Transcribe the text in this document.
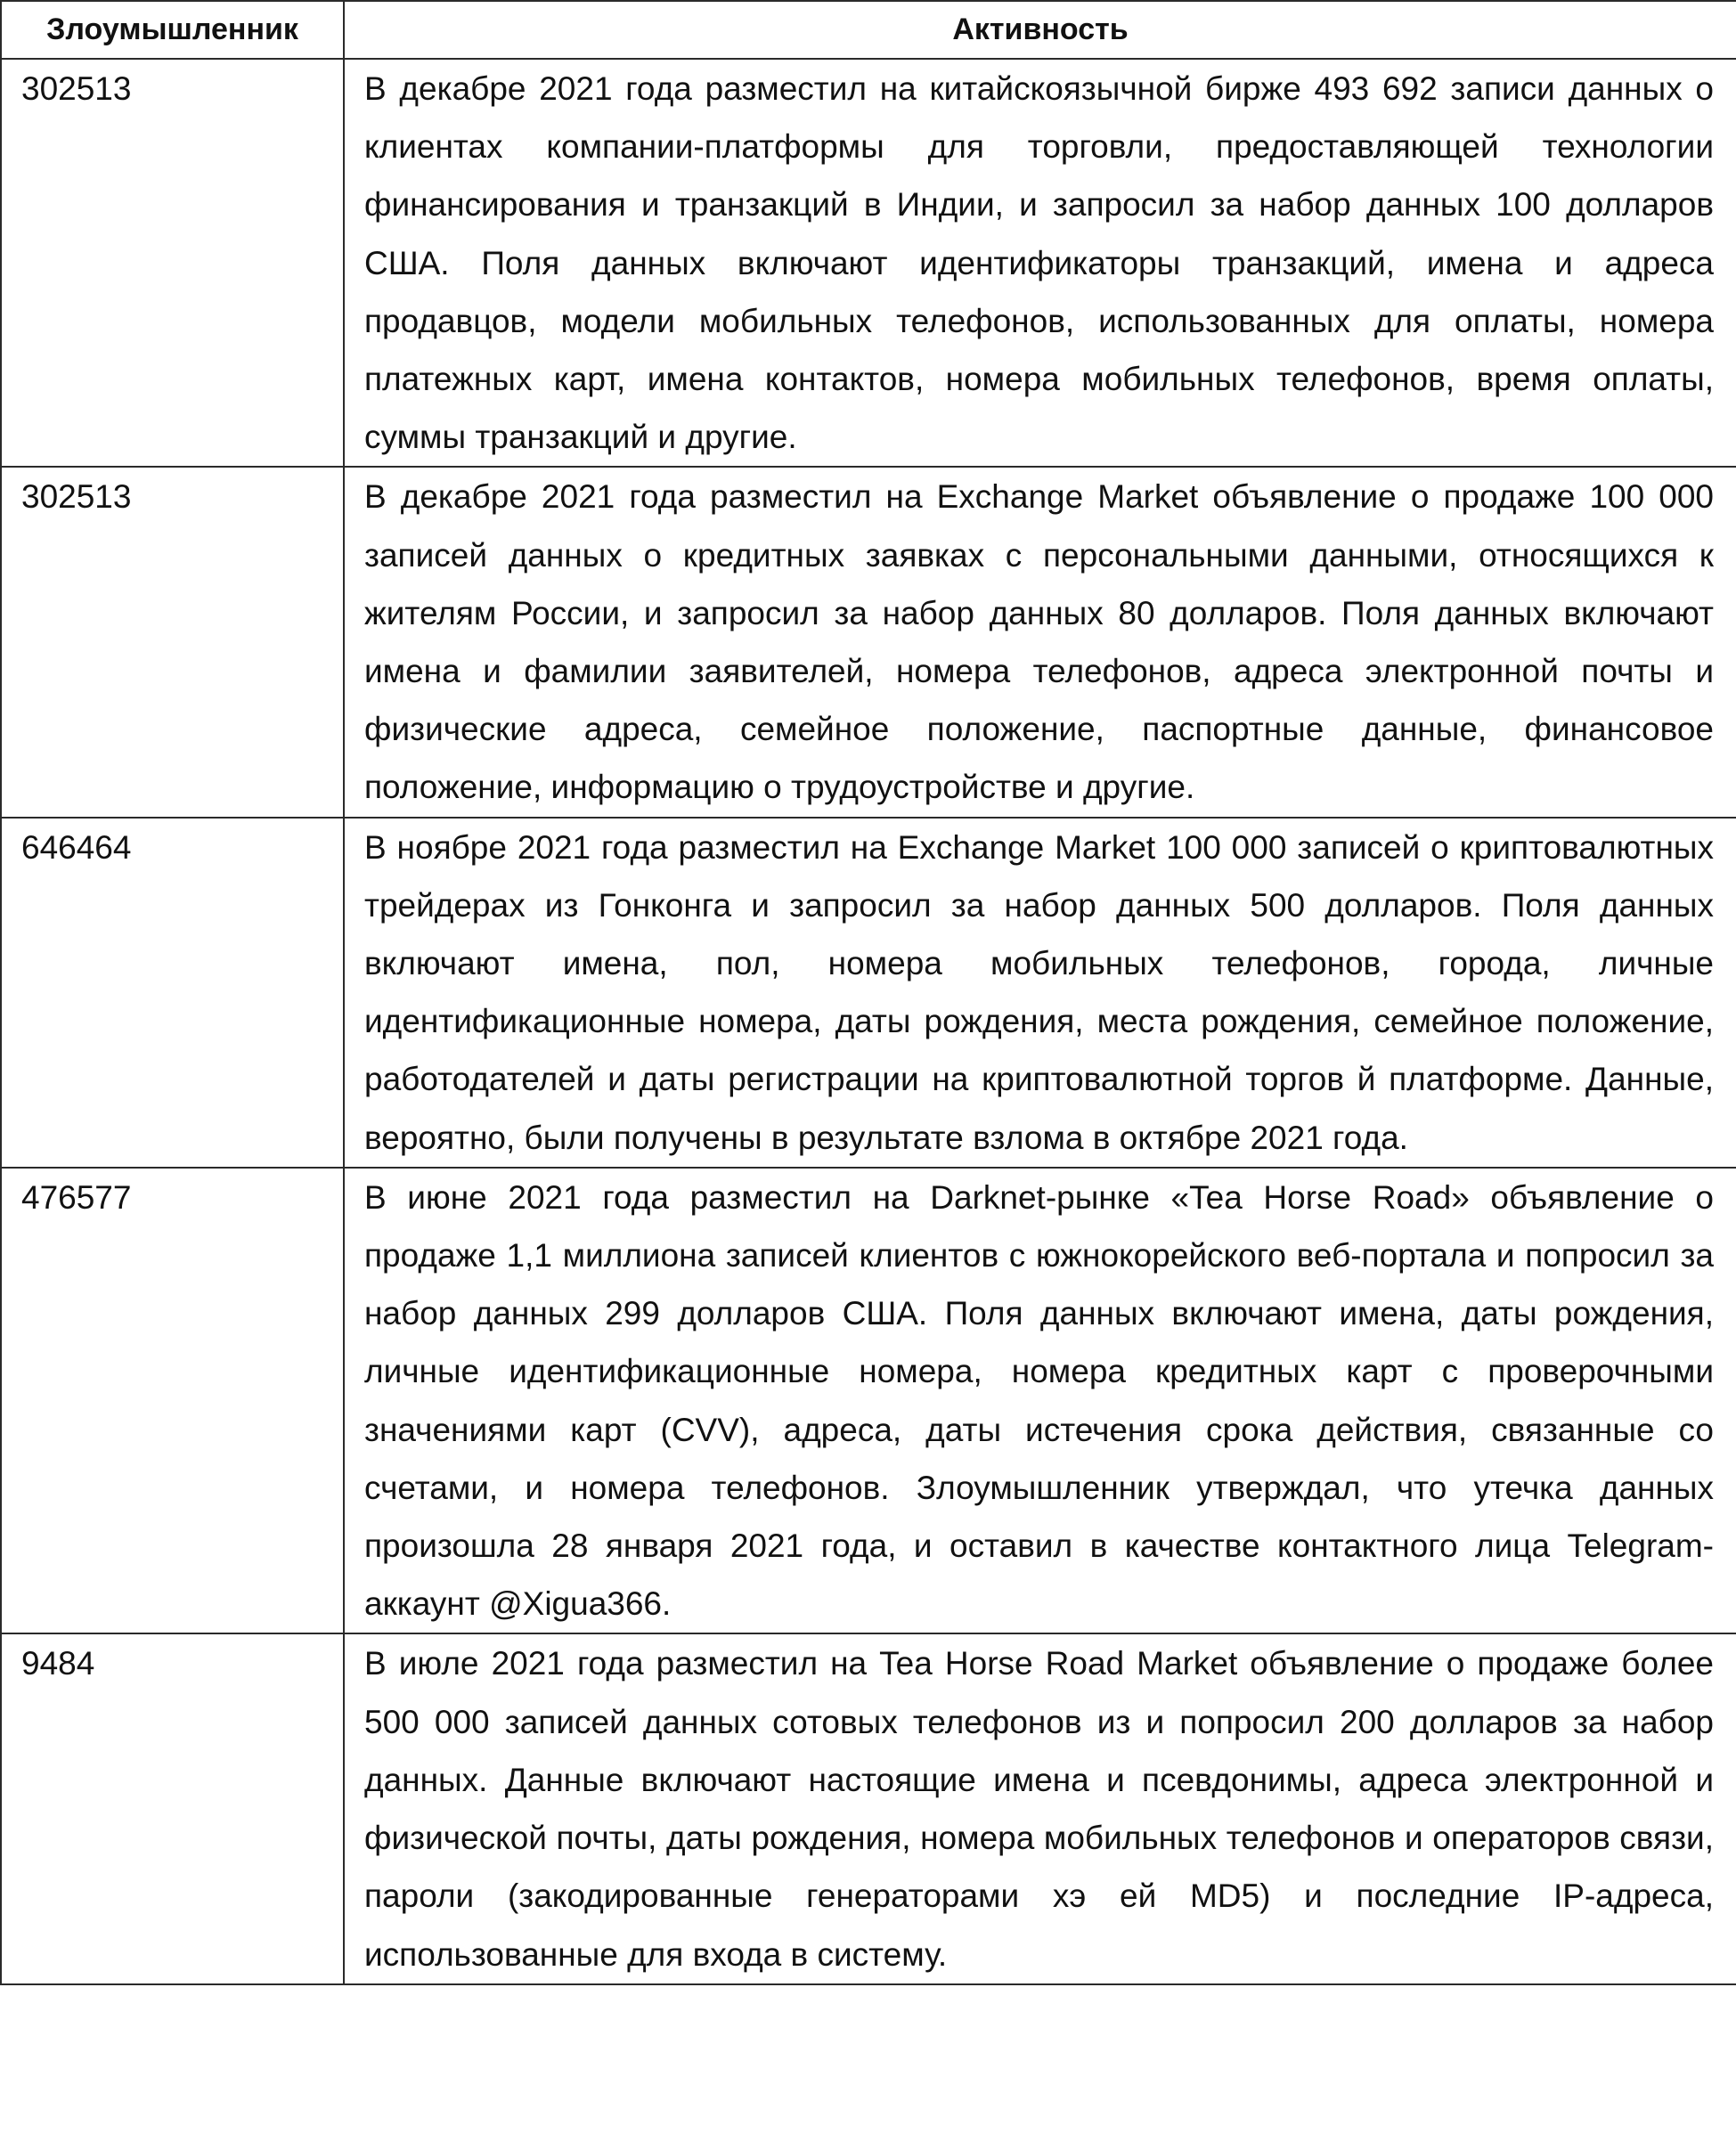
Злоумышленник	Активность
302513	В декабре 2021 года разместил на китайскоязычной бирже 493 692 записи данных о клиентах компании-платформы для торговли, предоставляющей технологии финансирования и транзакций в Индии, и запросил за набор данных 100 долларов США. Поля данных включают идентификаторы транзакций, имена и адреса продавцов, модели мобильных телефонов, использованных для оплаты, номера платежных карт, имена контактов, номера мобильных телефонов, время оплаты, суммы транзакций и другие.
302513	В декабре 2021 года разместил на Exchange Market объявление о продаже 100 000 записей данных о кредитных заявках с персональными данными, относящихся к жителям России, и запросил за набор данных 80 долларов. Поля данных включают имена и фамилии заявителей, номера телефонов, адреса электронной почты и физические адреса, семейное положение, паспортные данные, финансовое положение, информацию о трудоустройстве и другие.
646464	В ноябре 2021 года разместил на Exchange Market 100 000 записей о криптовалютных трейдерах из Гонконга и запросил за набор данных 500 долларов. Поля данных включают имена, пол, номера мобильных телефонов, города, личные идентификационные номера, даты рождения, места рождения, семейное положение, работодателей и даты регистрации на криптовалютной торгов й платформе. Данные, вероятно, были получены в результате взлома в октябре 2021 года.
476577	В июне 2021 года разместил на Darknet-рынке «Tea Horse Road» объявление о продаже 1,1 миллиона записей клиентов с южнокорейского веб-портала и попросил за набор данных 299 долларов США. Поля данных включают имена, даты рождения, личные идентификационные номера, номера кредитных карт с проверочными значениями карт (CVV), адреса, даты истечения срока действия, связанные со счетами, и номера телефонов. Злоумышленник утверждал, что утечка данных произошла 28 января 2021 года, и оставил в качестве контактного лица Telegram-аккаунт @Xigua366.
9484	В июле 2021 года разместил на Tea Horse Road Market объявление о продаже более 500 000 записей данных сотовых телефонов из и попросил 200 долларов за набор данных. Данные включают настоящие имена и псевдонимы, адреса электронной и физической почты, даты рождения, номера мобильных телефонов и операторов связи, пароли (закодированные генераторами хэ ей MD5) и последние IP-адреса, использованные для входа в систему.
